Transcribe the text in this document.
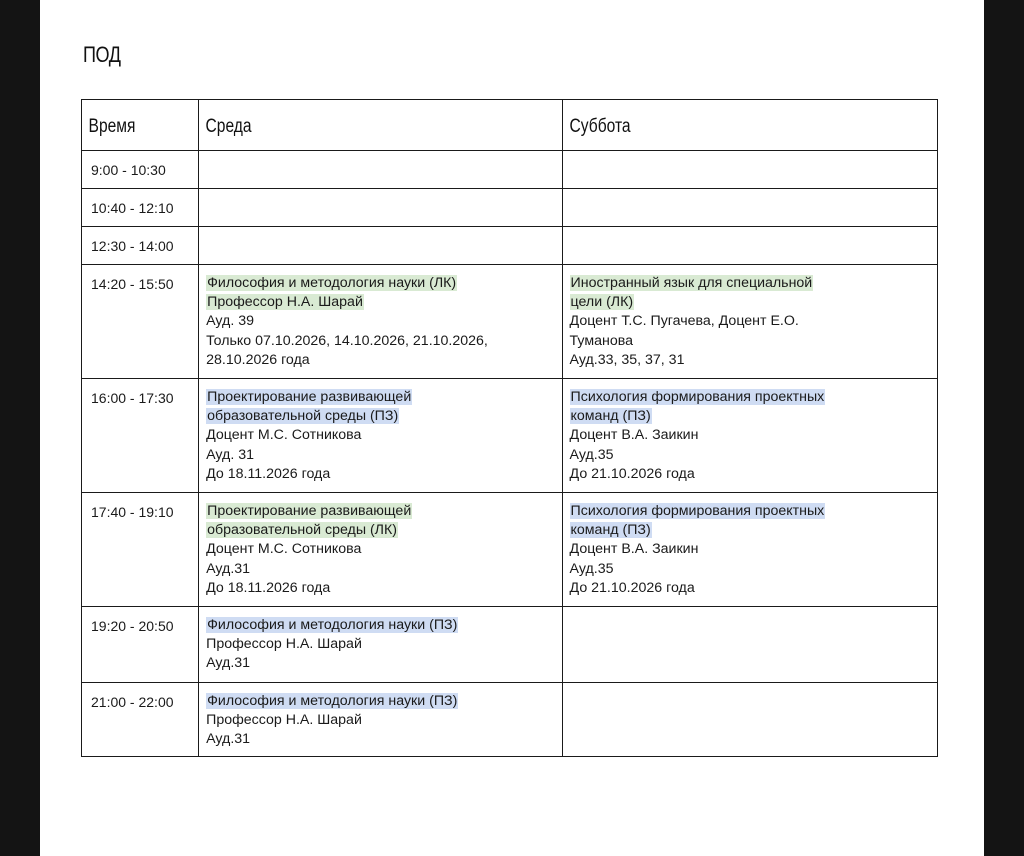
ПОД
Время	Среда	Суббота

9:00 - 10:30		

10:40 - 12:10		

12:30 - 14:00		

14:20 - 15:50	Философия и методология науки (ЛК)
Профессор Н.А. Шарай
Ауд. 39
Только 07.10.2026, 14.10.2026, 21.10.2026,
28.10.2026 года	Иностранный язык для специальной
цели (ЛК)
Доцент Т.С. Пугачева, Доцент Е.О.
Туманова
Ауд.33, 35, 37, 31

16:00 - 17:30	Проектирование развивающей
образовательной среды (ПЗ)
Доцент М.С. Сотникова
Ауд. 31
До 18.11.2026 года	Психология формирования проектных
команд (ПЗ)
Доцент В.А. Заикин
Ауд.35
До 21.10.2026 года

17:40 - 19:10	Проектирование развивающей
образовательной среды (ЛК)
Доцент М.С. Сотникова
Ауд.31
До 18.11.2026 года	Психология формирования проектных
команд (ПЗ)
Доцент В.А. Заикин
Ауд.35
До 21.10.2026 года

19:20 - 20:50	Философия и методология науки (ПЗ)
Профессор Н.А. Шарай
Ауд.31	

21:00 - 22:00	Философия и методология науки (ПЗ)
Профессор Н.А. Шарай
Ауд.31	
